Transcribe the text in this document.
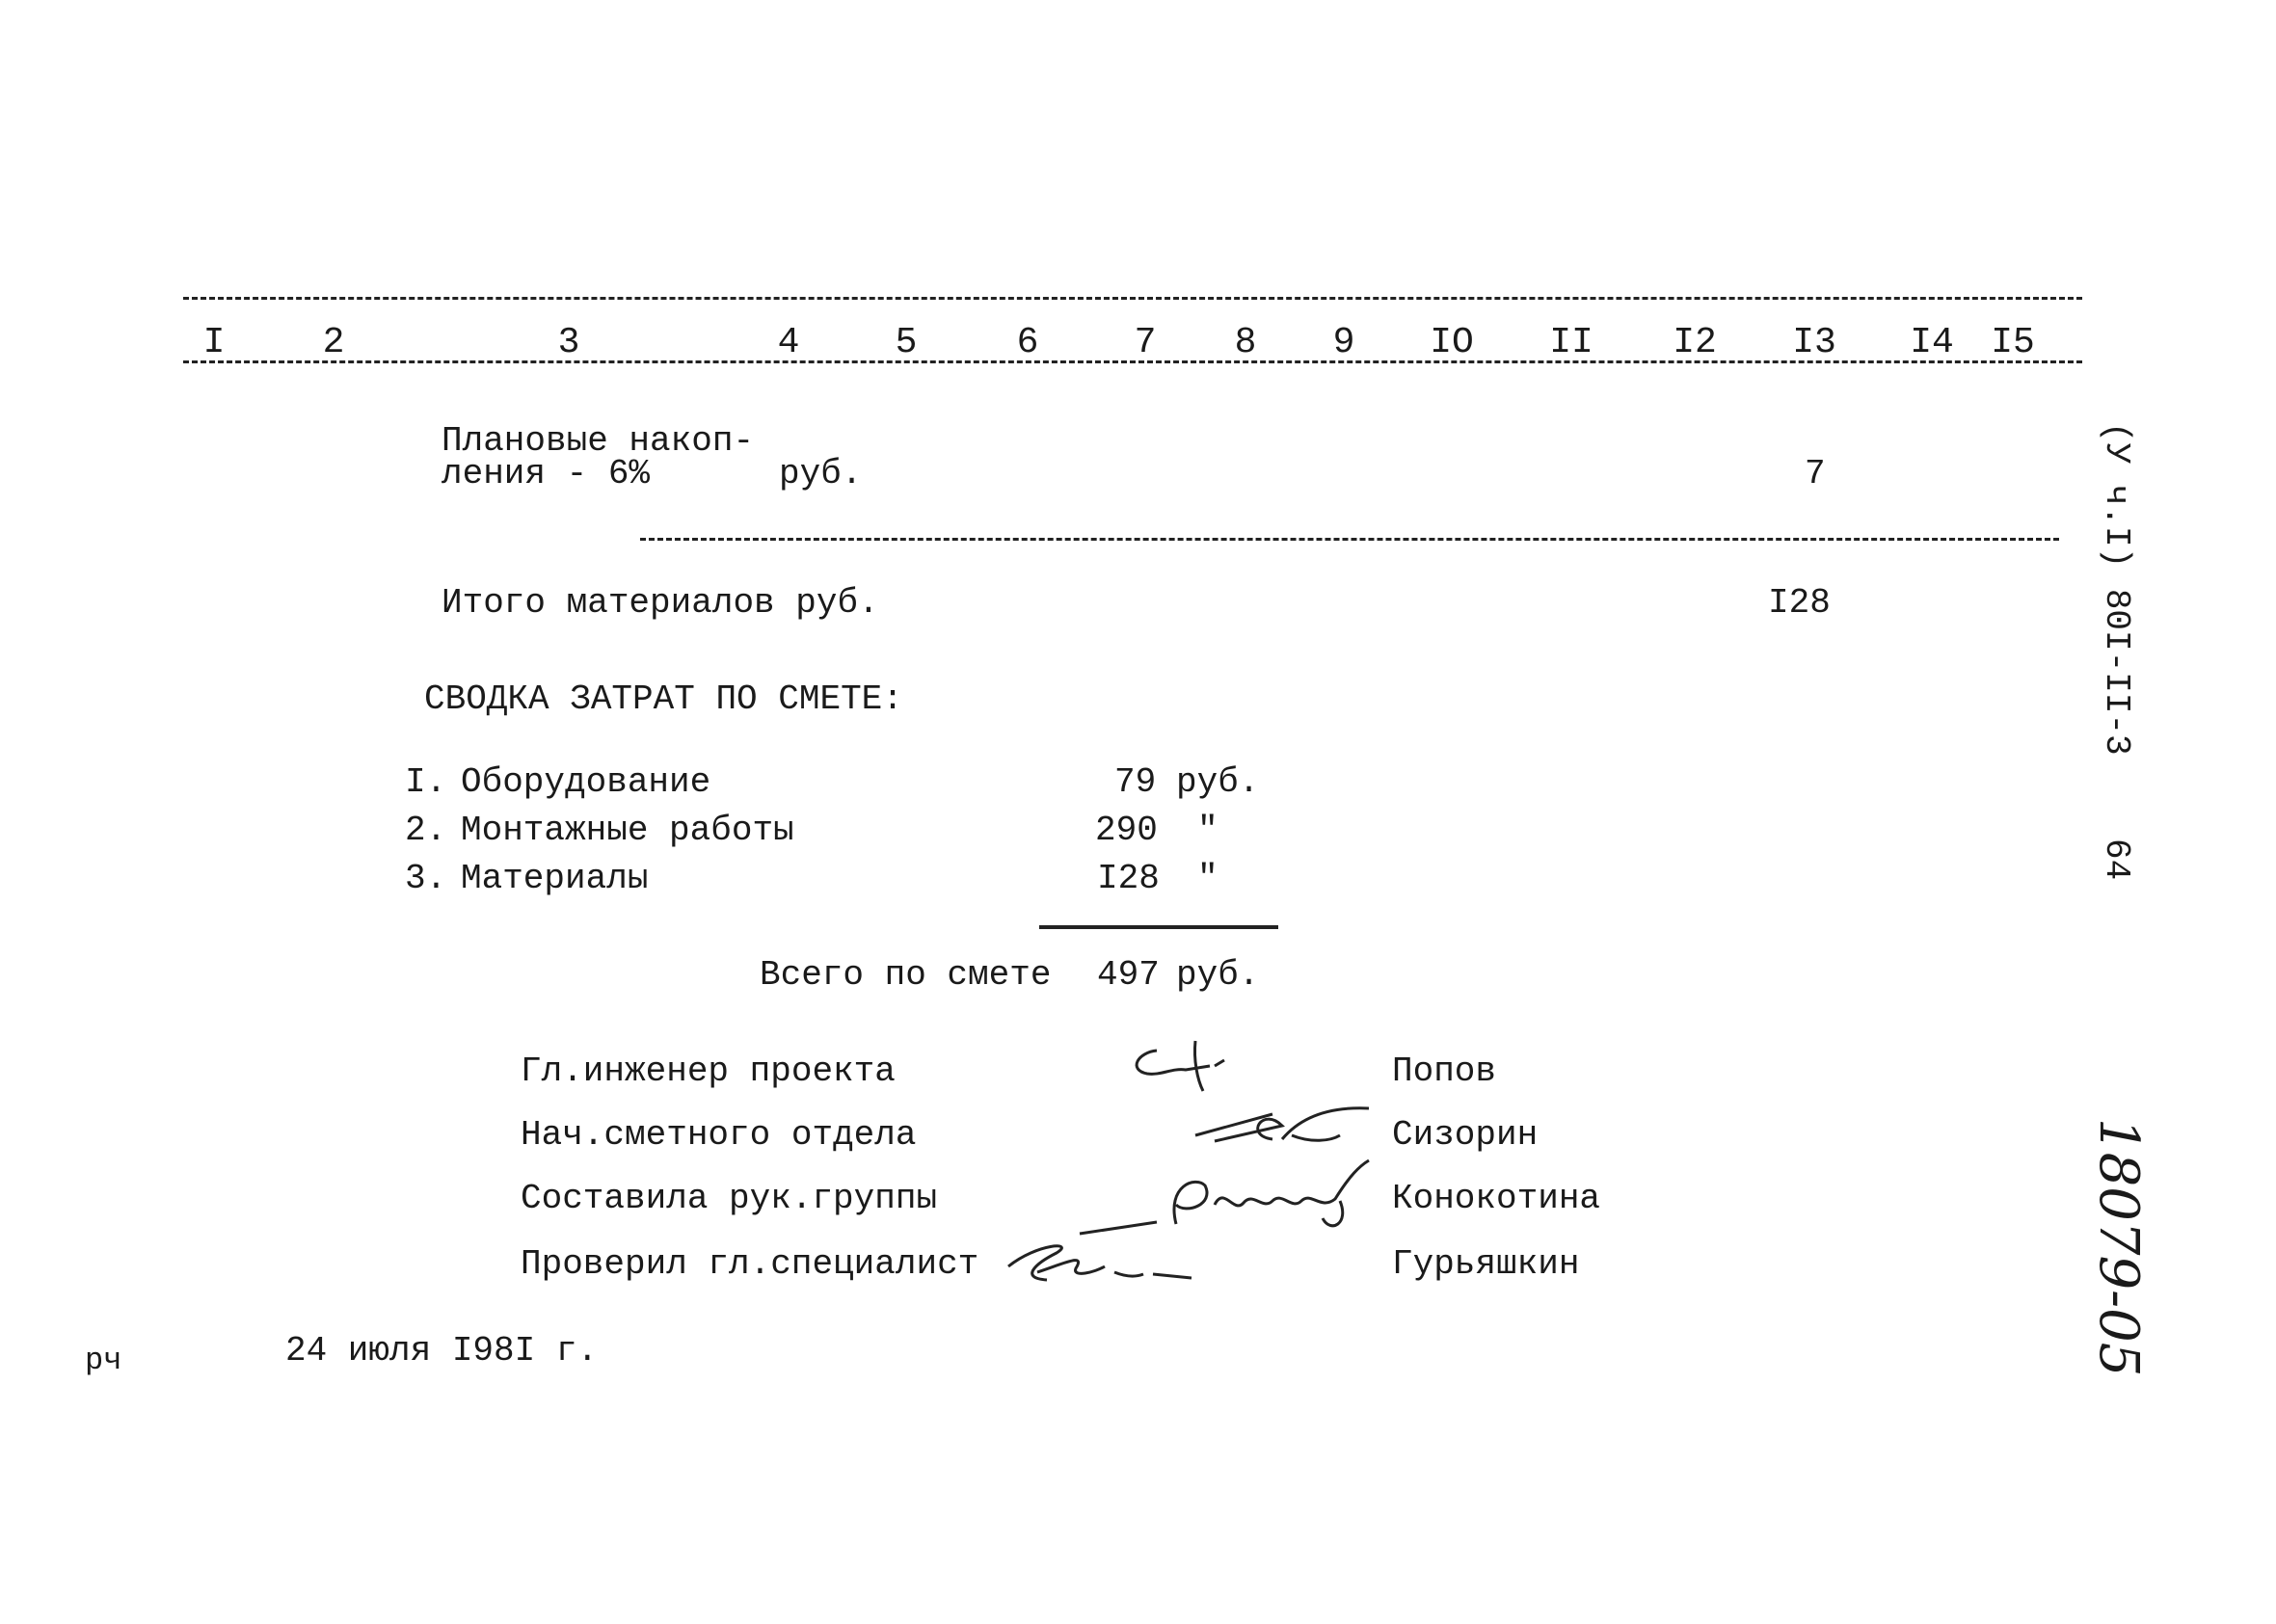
I	2	3	4	5	6	7	8	9	IO II I2 I3 I4 I5
Плановые накоп-
ления - 6%	руб.	7
Итого материалов руб.	I28
СВОДКА ЗАТРАТ ПО СМЕТЕ:
I. Оборудование	79 руб.
2. Монтажные работы	290 "
3. Материалы	I28 "
Всего по смете 497 руб.
Гл.инженер проекта	Попов
Нач.сметного отдела	Сизорин
Составила рук.группы	Конокотина
Проверил гл.специалист	Гурьяшкин
рч	24 июля I98I г.
(У ч.I) 80I-II-3
64
18079-05
